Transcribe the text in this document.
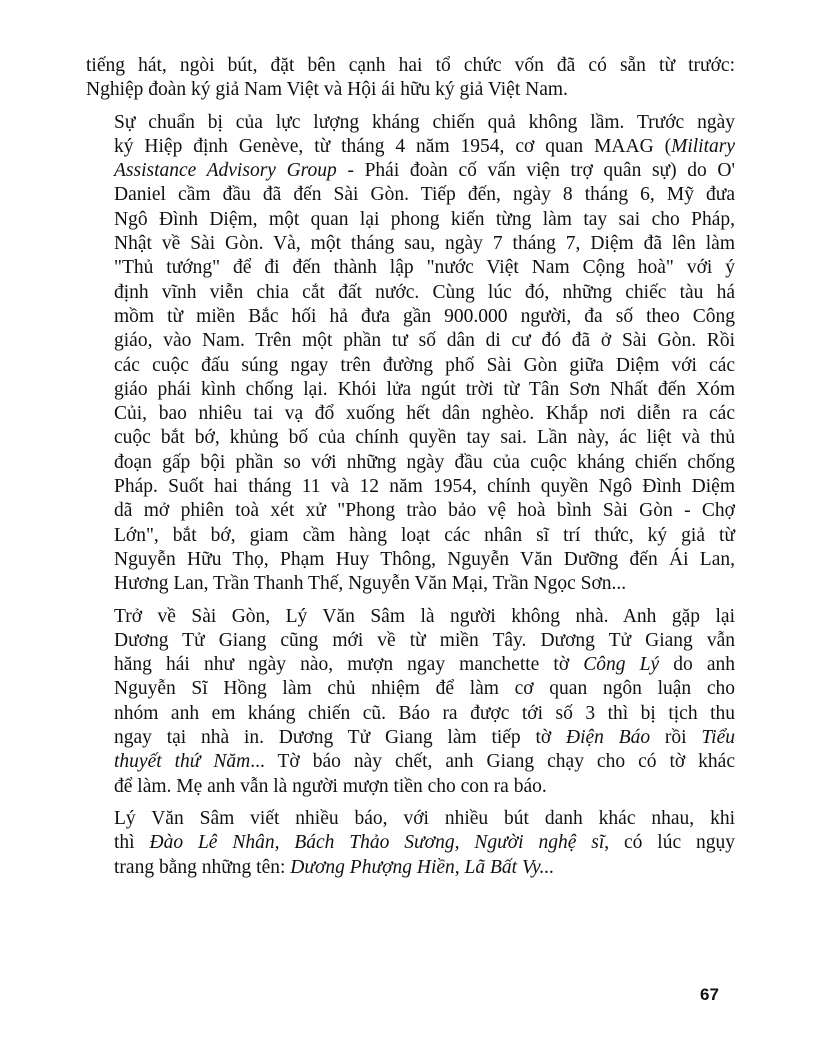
tiếng hát, ngòi bút, đặt bên cạnh hai tổ chức vốn đã có sẵn từ trước:
Nghiệp đoàn ký giả Nam Việt và Hội ái hữu ký giả Việt Nam.

Sự chuẩn bị của lực lượng kháng chiến quả không lầm. Trước ngày
ký Hiệp định Genève, từ tháng 4 năm 1954, cơ quan MAAG (Military
Assistance Advisory Group - Phái đoàn cố vấn viện trợ quân sự) do O'
Daniel cầm đầu đã đến Sài Gòn. Tiếp đến, ngày 8 tháng 6, Mỹ đưa
Ngô Đình Diệm, một quan lại phong kiến từng làm tay sai cho Pháp,
Nhật về Sài Gòn. Và, một tháng sau, ngày 7 tháng 7, Diệm đã lên làm
"Thủ tướng" để đi đến thành lập "nước Việt Nam Cộng hoà" với ý
định vĩnh viễn chia cắt đất nước. Cùng lúc đó, những chiếc tàu há
mồm từ miền Bắc hối hả đưa gần 900.000 người, đa số theo Công
giáo, vào Nam. Trên một phần tư số dân di cư đó đã ở Sài Gòn. Rồi
các cuộc đấu súng ngay trên đường phố Sài Gòn giữa Diệm với các
giáo phái kình chống lại. Khói lửa ngút trời từ Tân Sơn Nhất đến Xóm
Củi, bao nhiêu tai vạ đổ xuống hết dân nghèo. Khắp nơi diễn ra các
cuộc bắt bớ, khủng bố của chính quyền tay sai. Lần này, ác liệt và thủ
đoạn gấp bội phần so với những ngày đầu của cuộc kháng chiến chống
Pháp. Suốt hai tháng 11 và 12 năm 1954, chính quyền Ngô Đình Diệm
dã mở phiên toà xét xử "Phong trào bảo vệ hoà bình Sài Gòn - Chợ
Lớn", bắt bớ, giam cầm hàng loạt các nhân sĩ trí thức, ký giả từ
Nguyễn Hữu Thọ, Phạm Huy Thông, Nguyễn Văn Dưỡng đến Ái Lan,
Hương Lan, Trần Thanh Thế, Nguyễn Văn Mại, Trần Ngọc Sơn...

Trở về Sài Gòn, Lý Văn Sâm là người không nhà. Anh gặp lại
Dương Tử Giang cũng mới về từ miền Tây. Dương Tử Giang vẫn
hăng hái như ngày nào, mượn ngay manchette tờ Công Lý do anh
Nguyễn Sĩ Hồng làm chủ nhiệm để làm cơ quan ngôn luận cho
nhóm anh em kháng chiến cũ. Báo ra được tới số 3 thì bị tịch thu
ngay tại nhà in. Dương Tử Giang làm tiếp tờ Điện Báo rồi Tiểu
thuyết thứ Năm... Tờ báo này chết, anh Giang chạy cho có tờ khác
để làm. Mẹ anh vẫn là người mượn tiền cho con ra báo.

Lý Văn Sâm viết nhiều báo, với nhiều bút danh khác nhau, khi
thì Đào Lê Nhân, Bách Thảo Sương, Người nghệ sĩ, có lúc ngụy
trang bằng những tên: Dương Phượng Hiền, Lã Bất Vy...

67
